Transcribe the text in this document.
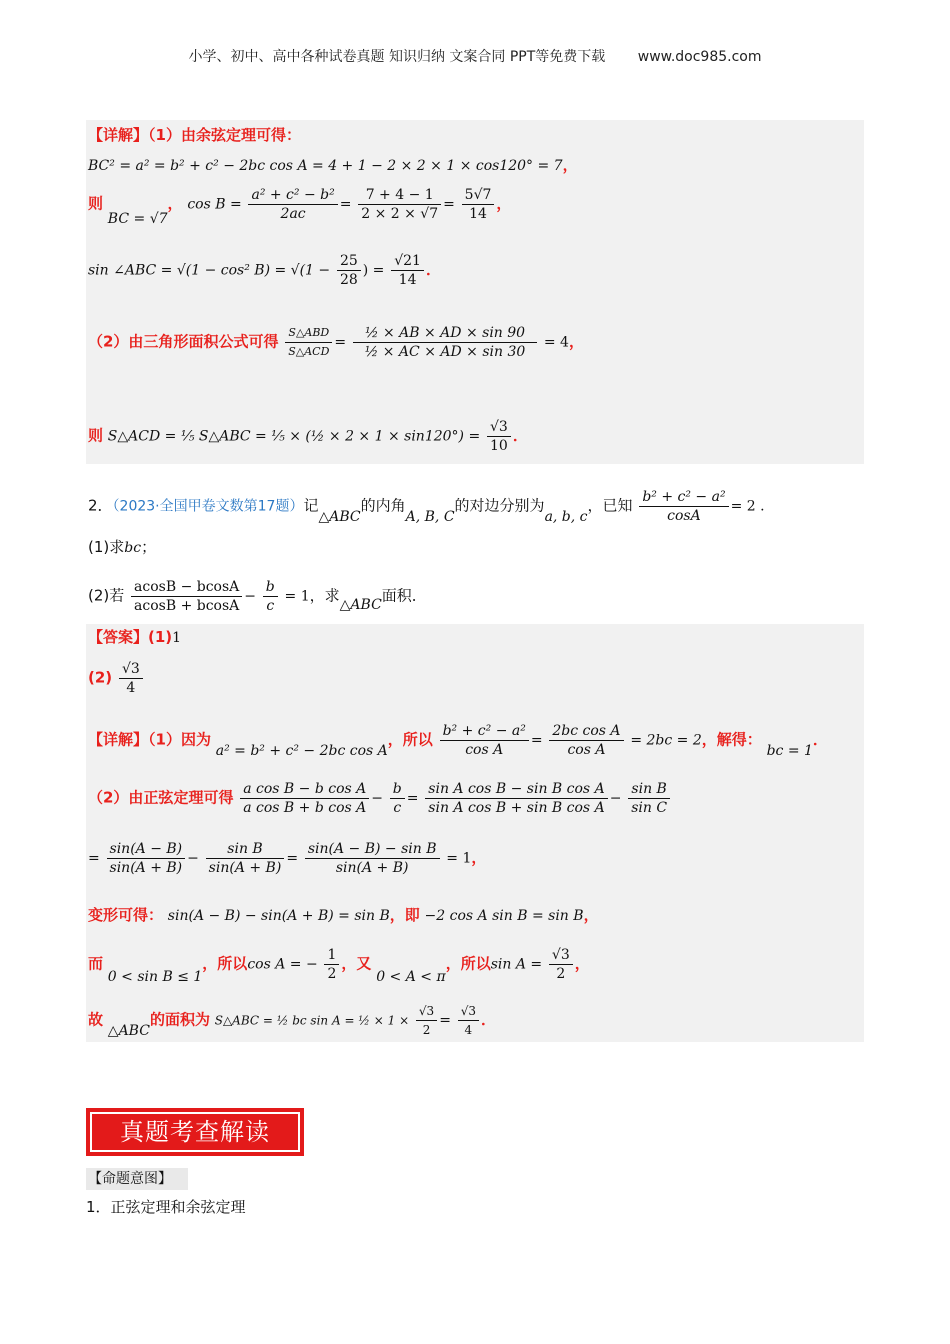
小学、初中、高中各种试卷真题 知识归纳 文案合同 PPT等免费下载 www.doc985.com
【详解】（1）由余弦定理可得：
BC² = a² = b² + c² − 2bc cos A = 4 + 1 − 2 × 2 × 1 × cos120° = 7，
则 BC = √7， $\cos B = \frac{\text{a² + c² − b²}}{2ac} = \frac{7 + 4 - 1}{2 \times 2 \times √7} = \frac{5√7}{14}$ ，
sin ∠ABC = √(1 − cos² $B) = √(1 - \frac{25}{28}$ ) = $\frac{√21}{14}$ ．
（2）由三角形面积公式可得 $\frac{\text{S△ABD}}{\text{S△ACD}} = \frac{\text{½ × AB × AD × sin 90}}{\text{½ × AC × AD × sin 30}} = 4$，
则 S△ACD = ⅕ S△ABC = ⅕ × (½ × $2 \times 1 \times \sin 120^\circ) = \frac{√3}{10}$ ．
2．（2023·全国甲卷文数第17题）记△ABC的内角A, B, C的对边分别为a, b, c，已知 $\frac{\text{b² + c² − a²}}{\cos A} = 2$ .
(1)求bc；
(2)若 $\frac{acosB - bcosA}{acosB + bcosA} - \frac{b}{c} = 1$，求△ABC面积．
【答案】(1)1
$(2) \frac{√3}{4}$
【详解】（1）因为 a² = b² + c² − 2bc cos A，所以 $\frac{\text{b² + c² − a²}}{\text{cos A}} = \frac{\text{2bc cos A}}{\text{cos A}} = 2bc = 2$，解得： bc = 1．
（2）由正弦定理可得 $\frac{\text{a cos B − b cos A}}{\text{a cos B + b cos A}} - \frac{b}{c} = \frac{\text{sin A cos B − sin B cos A}}{\text{sin A cos B + sin B cos A}} - \frac{\text{sin B}}{\text{sin C}}$
= $\frac{\sin(A - B)}{\sin(A + B)} - \frac{\text{sin B}}{\sin(A + B)} = \frac{\text{sin(A − B) − sin B}}{\sin(A + B)} = 1$，
变形可得： sin(A − B) − sin(A + B) = sin B，即 −2 cos A sin B = sin B，
而 0 < sin B ≤ 1，所以cos A = − $\frac{1}{2}$ ，又 0 < A < π，所以$\sin A = \frac{√3}{2}$ ，
故 △ABC的面积为 S△ABC = ½ bc sin A = ½ × $1 \times \frac{√3}{2} = \frac{√3}{4}$ ．
真题考查解读
【命题意图】
1．正弦定理和余弦定理
